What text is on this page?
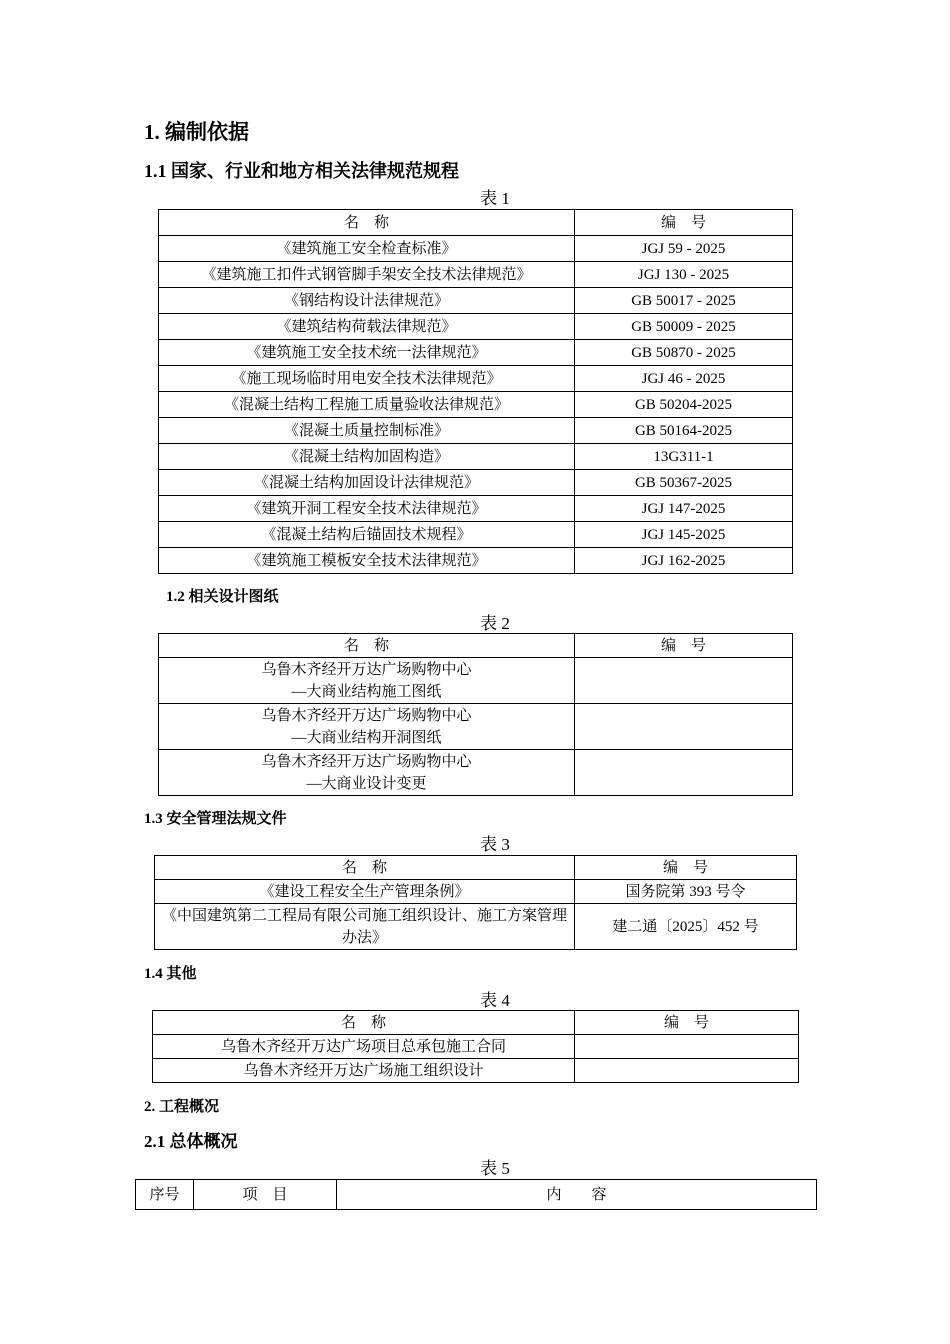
1. 编制依据
1.1 国家、行业和地方相关法律规范规程
表 1
名　称	编　号
《建筑施工安全检查标准》	JGJ 59 - 2025
《建筑施工扣件式钢管脚手架安全技术法律规范》	JGJ 130 - 2025
《钢结构设计法律规范》	GB 50017 - 2025
《建筑结构荷载法律规范》	GB 50009 - 2025
《建筑施工安全技术统一法律规范》	GB 50870 - 2025
《施工现场临时用电安全技术法律规范》	JGJ 46 - 2025
《混凝土结构工程施工质量验收法律规范》	GB 50204-2025
《混凝土质量控制标准》	GB 50164-2025
《混凝土结构加固构造》	13G311-1
《混凝土结构加固设计法律规范》	GB 50367-2025
《建筑开洞工程安全技术法律规范》	JGJ 147-2025
《混凝土结构后锚固技术规程》	JGJ 145-2025
《建筑施工模板安全技术法律规范》	JGJ 162-2025
1.2 相关设计图纸
表 2
名　称	编　号

乌鲁木齐经开万达广场购物中心
—大商业结构施工图纸	

乌鲁木齐经开万达广场购物中心
—大商业结构开洞图纸	

乌鲁木齐经开万达广场购物中心
—大商业设计变更	

1.3 安全管理法规文件
表 3
名　称	编　号
《建设工程安全生产管理条例》	国务院第 393 号令
《中国建筑第二工程局有限公司施工组织设计、施工方案管理办法》	建二通〔2025〕452 号
1.4 其他
表 4
名　称	编　号
乌鲁木齐经开万达广场项目总承包施工合同	
乌鲁木齐经开万达广场施工组织设计	
2. 工程概况
2.1 总体概况
表 5
序号	项　目	内　　容
